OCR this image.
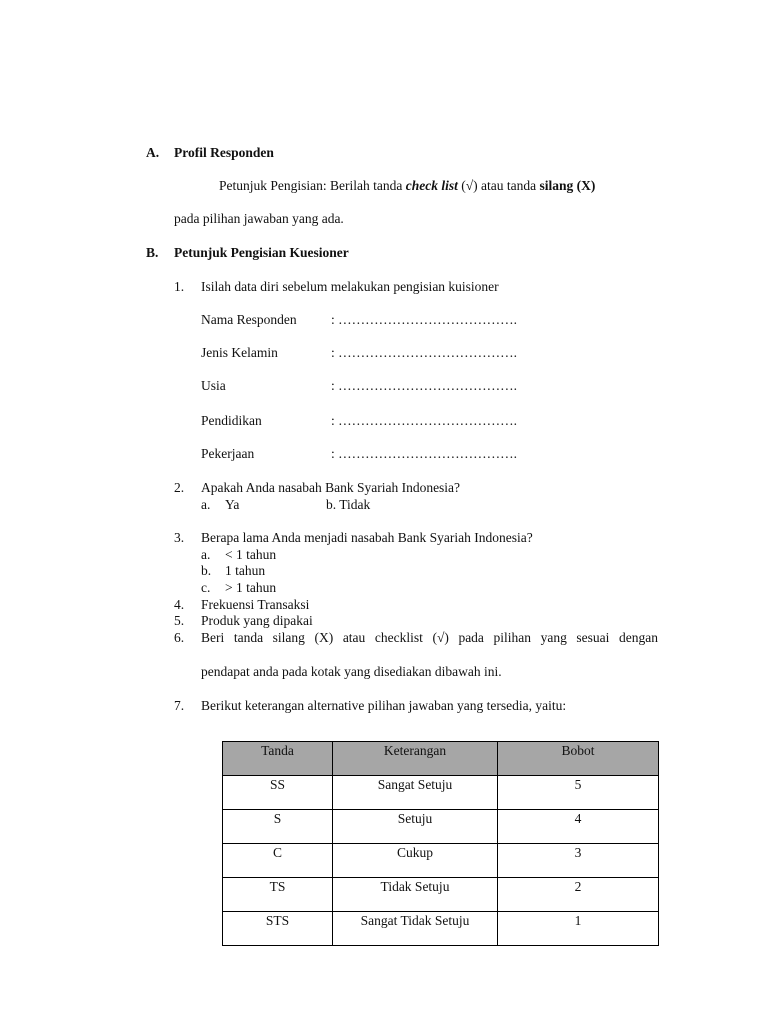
A. Profil Responden
Petunjuk Pengisian: Berilah tanda check list (√) atau tanda silang (X)
pada pilihan jawaban yang ada.
B. Petunjuk Pengisian Kuesioner
1. Isilah data diri sebelum melakukan pengisian kuisioner
Nama Responden	: ………………………………….
Jenis Kelamin	: ………………………………….
Usia	: ………………………………….
Pendidikan	: ………………………………….
Pekerjaan	: ………………………………….
2. Apakah Anda nasabah Bank Syariah Indonesia?
a. Ya	b. Tidak
3. Berapa lama Anda menjadi nasabah Bank Syariah Indonesia?
a. < 1 tahun
b. 1 tahun
c. > 1 tahun
4. Frekuensi Transaksi
5. Produk yang dipakai
6. Beri tanda silang (X) atau checklist (√) pada pilihan yang sesuai dengan
pendapat anda pada kotak yang disediakan dibawah ini.
7. Berikut keterangan alternative pilihan jawaban yang tersedia, yaitu:
Tanda	Keterangan	Bobot
SS	Sangat Setuju	5
S	Setuju	4
C	Cukup	3
TS	Tidak Setuju	2
STS	Sangat Tidak Setuju	1
